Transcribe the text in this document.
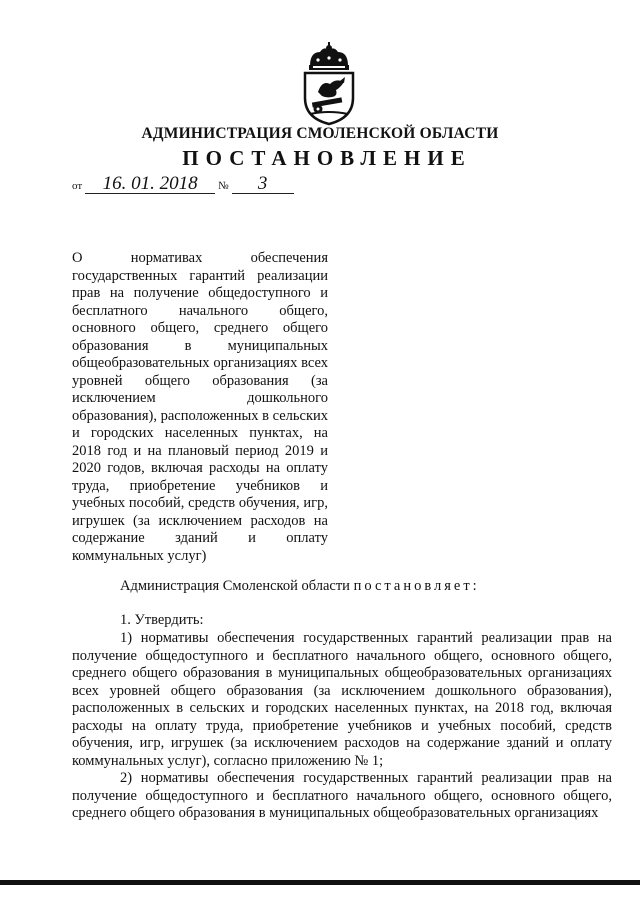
АДМИНИСТРАЦИЯ СМОЛЕНСКОЙ ОБЛАСТИ
ПОСТАНОВЛЕНИЕ
от 16. 01. 2018 № 3
О нормативах обеспечения государственных гарантий реализации прав на получение общедоступного и бесплатного начального общего, основного общего, среднего общего образования в муниципальных общеобразовательных организациях всех уровней общего образования (за исключением дошкольного образования), расположенных в сельских и городских населенных пунктах, на 2018 год и на плановый период 2019 и 2020 годов, включая расходы на оплату труда, приобретение учебников и учебных пособий, средств обучения, игр, игрушек (за исключением расходов на содержание зданий и оплату коммунальных услуг)
Администрация Смоленской области постановляет:
1. Утвердить:
1) нормативы обеспечения государственных гарантий реализации прав на получение общедоступного и бесплатного начального общего, основного общего, среднего общего образования в муниципальных общеобразовательных организациях всех уровней общего образования (за исключением дошкольного образования), расположенных в сельских и городских населенных пунктах, на 2018 год, включая расходы на оплату труда, приобретение учебников и учебных пособий, средств обучения, игр, игрушек (за исключением расходов на содержание зданий и оплату коммунальных услуг), согласно приложению № 1;
2) нормативы обеспечения государственных гарантий реализации прав на получение общедоступного и бесплатного начального общего, основного общего, среднего общего образования в муниципальных общеобразовательных организациях
